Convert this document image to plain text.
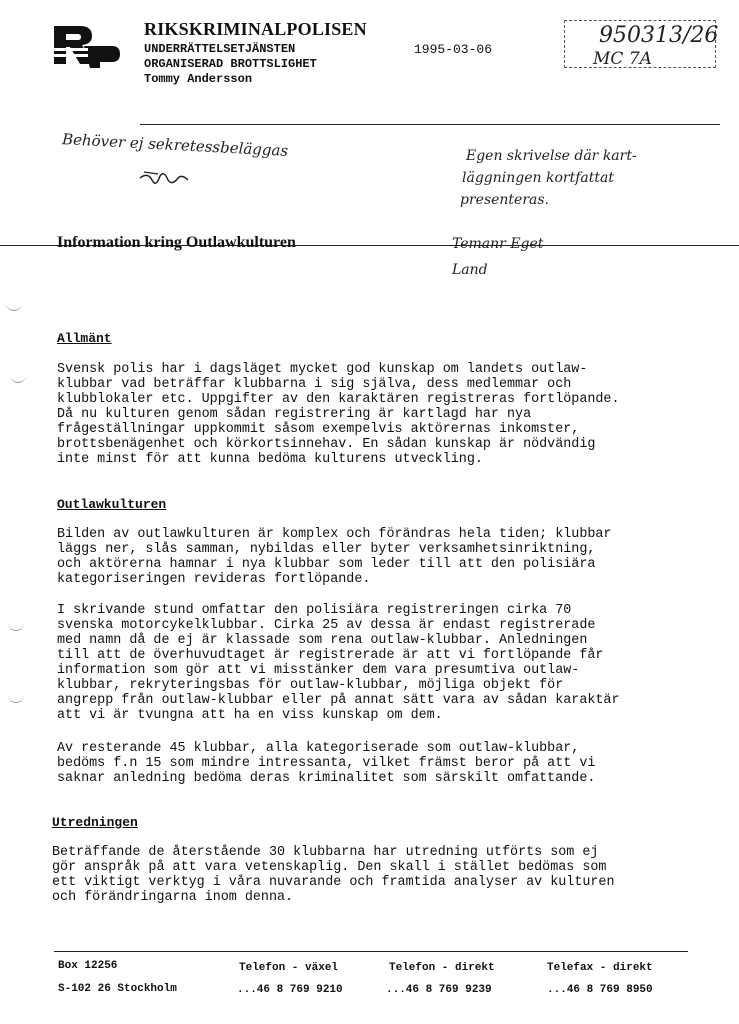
RIKSKRIMINALPOLISEN
UNDERRÄTTELSETJÄNSTEN
ORGANISERAD BROTTSLIGHET
Tommy Andersson
1995-03-06
950313/26
MC 7A
Behöver ej sekretessbeläggas	Egen skrivelse där kart-
läggningen kortfattat
presenteras.
Information kring Outlawkulturen	Temanr Eget
Land
Allmänt

Svensk polis har i dagsläget mycket god kunskap om landets outlaw-
klubbar vad beträffar klubbarna i sig själva, dess medlemmar och
klubblokaler etc. Uppgifter av den karaktären registreras fortlöpande.
Då nu kulturen genom sådan registrering är kartlagd har nya
frågeställningar uppkommit såsom exempelvis aktörernas inkomster,
brottsbenägenhet och körkortsinnehav. En sådan kunskap är nödvändig
inte minst för att kunna bedöma kulturens utveckling.

Outlawkulturen

Bilden av outlawkulturen är komplex och förändras hela tiden; klubbar
läggs ner, slås samman, nybildas eller byter verksamhetsinriktning,
och aktörerna hamnar i nya klubbar som leder till att den polisiära
kategoriseringen revideras fortlöpande.

I skrivande stund omfattar den polisiära registreringen cirka 70
svenska motorcykelklubbar. Cirka 25 av dessa är endast registrerade
med namn då de ej är klassade som rena outlaw-klubbar. Anledningen
till att de överhuvudtaget är registrerade är att vi fortlöpande får
information som gör att vi misstänker dem vara presumtiva outlaw-
klubbar, rekryteringsbas för outlaw-klubbar, möjliga objekt för
angrepp från outlaw-klubbar eller på annat sätt vara av sådan karaktär
att vi är tvungna att ha en viss kunskap om dem.

Av resterande 45 klubbar, alla kategoriserade som outlaw-klubbar,
bedöms f.n 15 som mindre intressanta, vilket främst beror på att vi
saknar anledning bedöma deras kriminalitet som särskilt omfattande.

Utredningen

Beträffande de återstående 30 klubbarna har utredning utförts som ej
gör anspråk på att vara vetenskaplig. Den skall i stället bedömas som
ett viktigt verktyg i våra nuvarande och framtida analyser av kulturen
och förändringarna inom denna.

Box 12256
S-102 26 Stockholm
Telefon - växel
...46 8 769 9210
Telefon - direkt
...46 8 769 9239
Telefax - direkt
...46 8 769 8950
